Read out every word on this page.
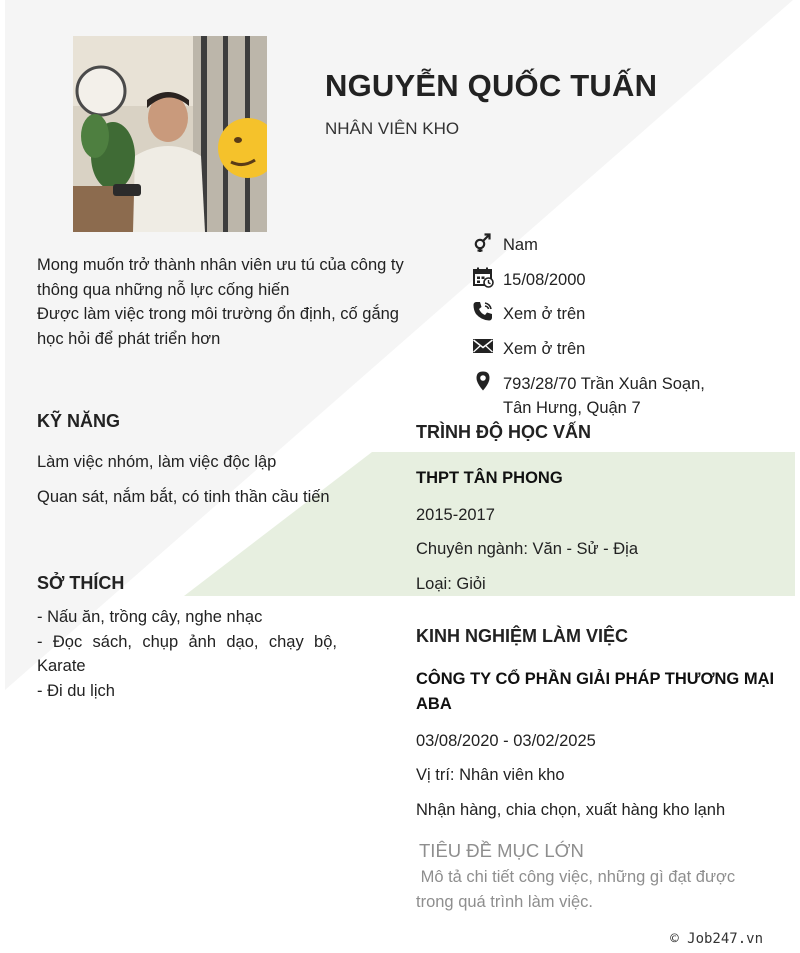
NGUYỄN QUỐC TUẤN
NHÂN VIÊN KHO

Mong muốn trở thành nhân viên ưu tú của công ty thông qua những nỗ lực cống hiến

Được làm việc trong môi trường ổn định, cố gắng học hỏi để phát triển hơn

Nam
15/08/2000
Xem ở trên
Xem ở trên
793/28/70 Trần Xuân Soạn,
Tân Hưng, Quận 7
KỸ NĂNG
Làm việc nhóm, làm việc độc lập
Quan sát, nắm bắt, có tinh thần cầu tiến
SỞ THÍCH
- Nấu ăn, trồng cây, nghe nhạc
- Đọc sách, chụp ảnh dạo, chạy bộ, Karate
- Đi du lịch
TRÌNH ĐỘ HỌC VẤN
THPT TÂN PHONG
2015-2017
Chuyên ngành: Văn - Sử - Địa
Loại: Giỏi
KINH NGHIỆM LÀM VIỆC
CÔNG TY CỔ PHẦN GIẢI PHÁP THƯƠNG MẠI
ABA
03/08/2020 - 03/02/2025
Vị trí: Nhân viên kho
Nhận hàng, chia chọn, xuất hàng kho lạnh
TIÊU ĐỀ MỤC LỚN
Mô tả chi tiết công việc, những gì đạt được
trong quá trình làm việc.
© Job247.vn
